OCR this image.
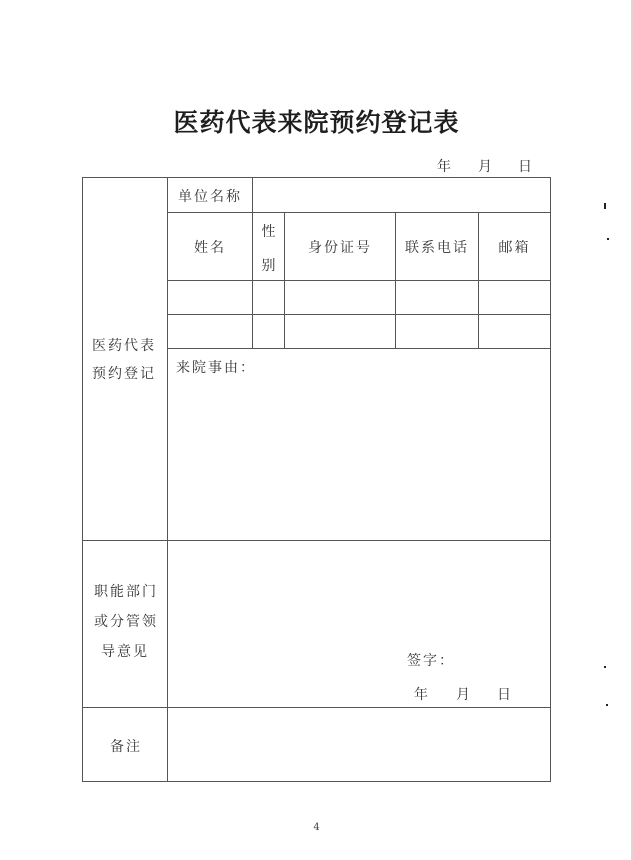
医药代表来院预约登记表
年 月 日
医药代表
预约登记
单位名称
姓名
性
别
身份证号	联系电话	邮箱
来院事由：
职能部门
或分管领
导意见
签字：
年 月 日
备注
4
